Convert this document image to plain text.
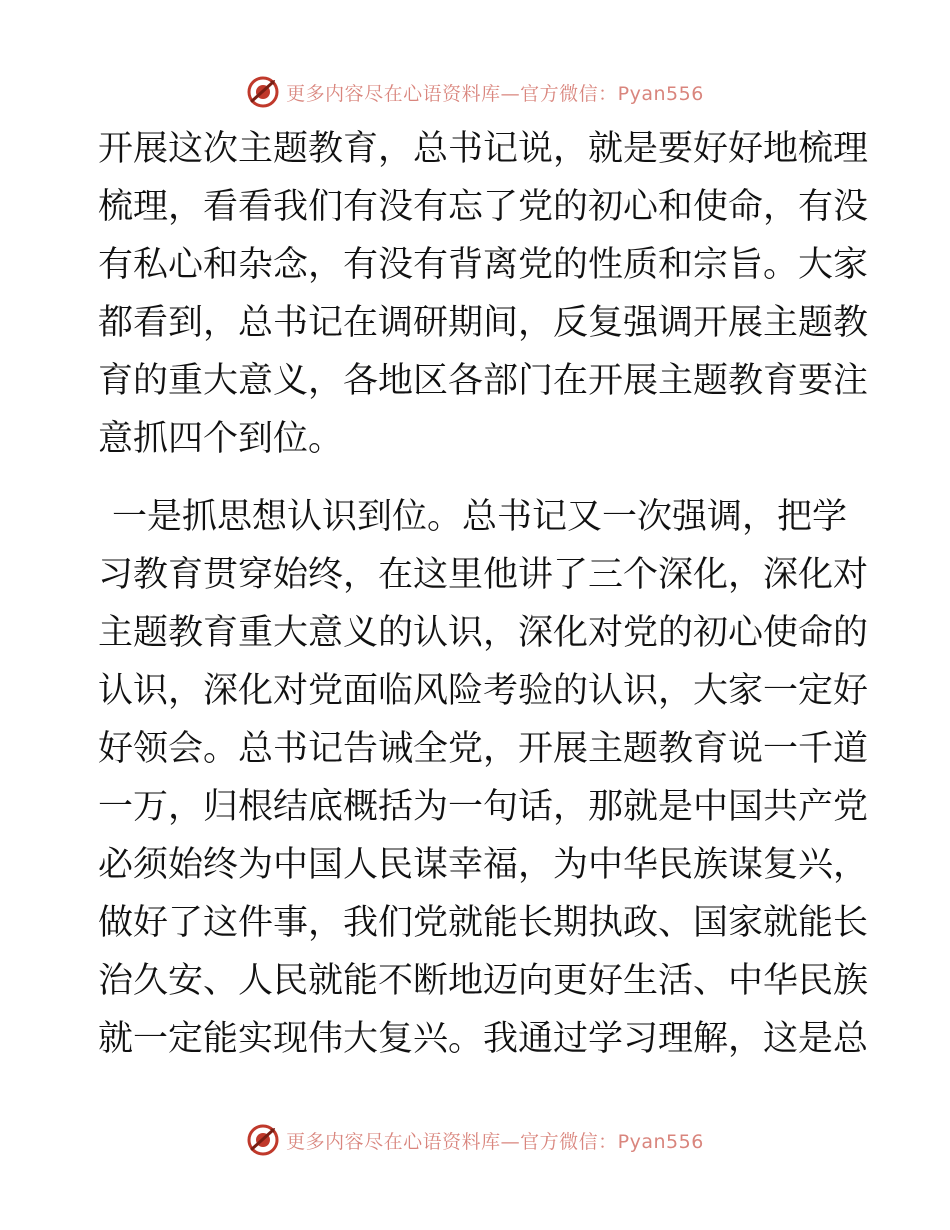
更多内容尽在心语资料库—官方微信：Pyan556
开展这次主题教育，总书记说，就是要好好地梳理
梳理，看看我们有没有忘了党的初心和使命，有没
有私心和杂念，有没有背离党的性质和宗旨。大家
都看到，总书记在调研期间，反复强调开展主题教
育的重大意义，各地区各部门在开展主题教育要注
意抓四个到位。
一是抓思想认识到位。总书记又一次强调，把学
习教育贯穿始终，在这里他讲了三个深化，深化对
主题教育重大意义的认识，深化对党的初心使命的
认识，深化对党面临风险考验的认识，大家一定好
好领会。总书记告诫全党，开展主题教育说一千道
一万，归根结底概括为一句话，那就是中国共产党
必须始终为中国人民谋幸福，为中华民族谋复兴，
做好了这件事，我们党就能长期执政、国家就能长
治久安、人民就能不断地迈向更好生活、中华民族
就一定能实现伟大复兴。我通过学习理解，这是总
更多内容尽在心语资料库—官方微信：Pyan556
